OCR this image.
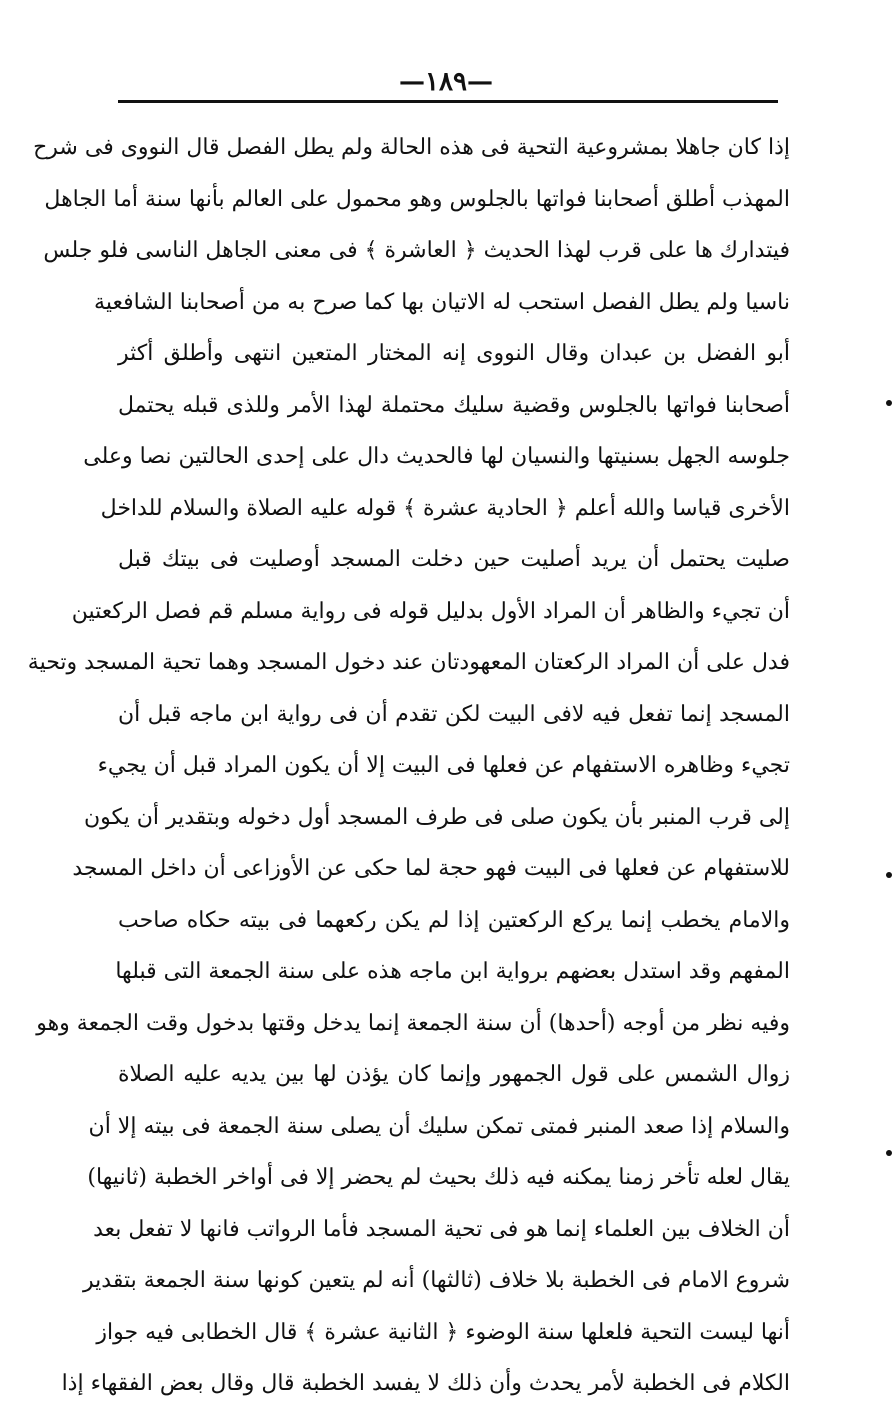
—١٨٩—
إذا كان جاهلا بمشروعية التحية فى هذه الحالة ولم يطل الفصل قال النووى فى شرح
المهذب أطلق أصحابنا فواتها بالجلوس وهو محمول على العالم بأنها سنة أما الجاهل
فيتدارك ها على قرب لهذا الحديث ﴿ العاشرة ﴾ فى معنى الجاهل الناسى فلو جلس
ناسيا ولم يطل الفصل استحب له الاتيان بها كما صرح به من أصحابنا الشافعية
أبو الفضل بن عبدان وقال النووى إنه المختار المتعين انتهى وأطلق أكثر
أصحابنا فواتها بالجلوس وقضية سليك محتملة لهذا الأمر وللذى قبله يحتمل
جلوسه الجهل بسنيتها والنسيان لها فالحديث دال على إحدى الحالتين نصا وعلى
الأخرى قياسا والله أعلم ﴿ الحادية عشرة ﴾ قوله عليه الصلاة والسلام للداخل
صليت يحتمل أن يريد أصليت حين دخلت المسجد أوصليت فى بيتك قبل
أن تجيء والظاهر أن المراد الأول بدليل قوله فى رواية مسلم قم فصل الركعتين
فدل على أن المراد الركعتان المعهودتان عند دخول المسجد وهما تحية المسجد وتحية
المسجد إنما تفعل فيه لافى البيت لكن تقدم أن فى رواية ابن ماجه قبل أن
تجيء وظاهره الاستفهام عن فعلها فى البيت إلا أن يكون المراد قبل أن يجيء
إلى قرب المنبر بأن يكون صلى فى طرف المسجد أول دخوله وبتقدير أن يكون
للاستفهام عن فعلها فى البيت فهو حجة لما حكى عن الأوزاعى أن داخل المسجد
والامام يخطب إنما يركع الركعتين إذا لم يكن ركعهما فى بيته حكاه صاحب
المفهم وقد استدل بعضهم برواية ابن ماجه هذه على سنة الجمعة التى قبلها
وفيه نظر من أوجه (أحدها) أن سنة الجمعة إنما يدخل وقتها بدخول وقت الجمعة وهو
زوال الشمس على قول الجمهور وإنما كان يؤذن لها بين يديه عليه الصلاة
والسلام إذا صعد المنبر فمتى تمكن سليك أن يصلى سنة الجمعة فى بيته إلا أن
يقال لعله تأخر زمنا يمكنه فيه ذلك بحيث لم يحضر إلا فى أواخر الخطبة (ثانيها)
أن الخلاف بين العلماء إنما هو فى تحية المسجد فأما الرواتب فانها لا تفعل بعد
شروع الامام فى الخطبة بلا خلاف (ثالثها) أنه لم يتعين كونها سنة الجمعة بتقدير
أنها ليست التحية فلعلها سنة الوضوء ﴿ الثانية عشرة ﴾ قال الخطابى فيه جواز
الكلام فى الخطبة لأمر يحدث وأن ذلك لا يفسد الخطبة قال وقال بعض الفقهاء إذا
